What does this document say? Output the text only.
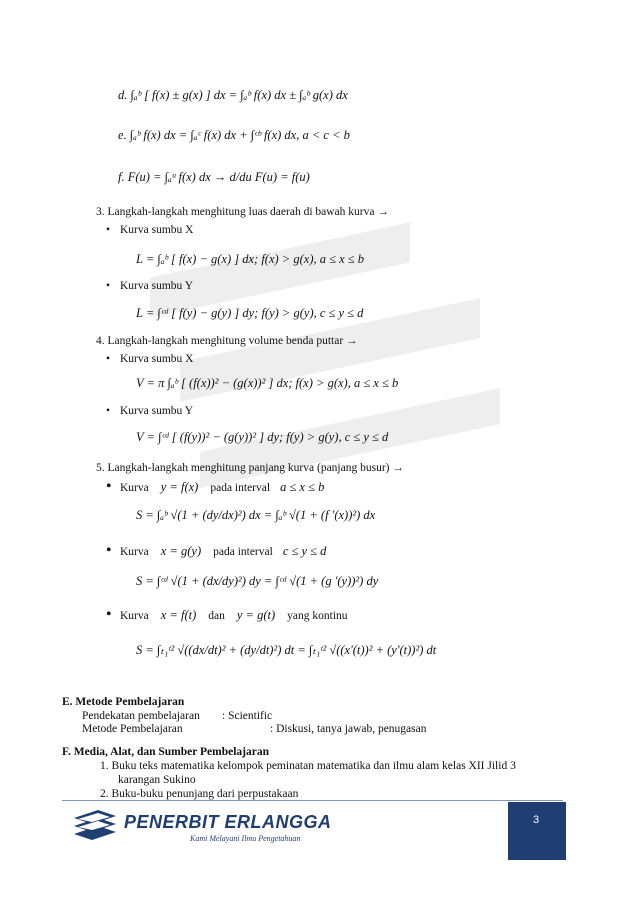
d. ∫ₐᵇ [ f(x) ± g(x) ] dx = ∫ₐᵇ f(x) dx ± ∫ₐᵇ g(x) dx
e. ∫ₐᵇ f(x) dx = ∫ₐᶜ f(x) dx + ∫ᶜᵇ f(x) dx, a < c < b
f. F(u) = ∫ₐᵘ f(x) dx → d/du F(u) = f(u)
3. Langkah-langkah menghitung luas daerah di bawah kurva →
• Kurva sumbu X
L = ∫ₐᵇ [ f(x) − g(x) ] dx; f(x) > g(x), a ≤ x ≤ b
• Kurva sumbu Y
L = ∫ᶜᵈ [ f(y) − g(y) ] dy; f(y) > g(y), c ≤ y ≤ d
4. Langkah-langkah menghitung volume benda puttar →
• Kurva sumbu X
V = π ∫ₐᵇ [ (f(x))² − (g(x))² ] dx; f(x) > g(x), a ≤ x ≤ b
• Kurva sumbu Y
V = ∫ᶜᵈ [ (f(y))² − (g(y))² ] dy; f(y) > g(y), c ≤ y ≤ d
5. Langkah-langkah menghitung panjang kurva (panjang busur) →
• Kurva y = f(x) pada interval a ≤ x ≤ b
S = ∫ₐᵇ √(1 + (dy/dx)²) dx = ∫ₐᵇ √(1 + (f '(x))²) dx
• Kurva x = g(y) pada interval c ≤ y ≤ d
S = ∫ᶜᵈ √(1 + (dx/dy)²) dy = ∫ᶜᵈ √(1 + (g '(y))²) dy
• Kurva x = f(t) dan y = g(t) yang kontinu
S = ∫ₜ₁ᵗ² √((dx/dt)² + (dy/dt)²) dt = ∫ₜ₁ᵗ² √((x'(t))² + (y'(t))²) dt
E. Metode Pembelajaran
Pendekatan pembelajaran : Scientific
Metode Pembelajaran	: Diskusi, tanya jawab, penugasan
F. Media, Alat, dan Sumber Pembelajaran
1. Buku teks matematika kelompok peminatan matematika dan ilmu alam kelas XII Jilid 3
karangan Sukino
2. Buku-buku penunjang dari perpustakaan
PENERBIT ERLANGGA
Kami Melayani Ilmu Pengetahuan
3
